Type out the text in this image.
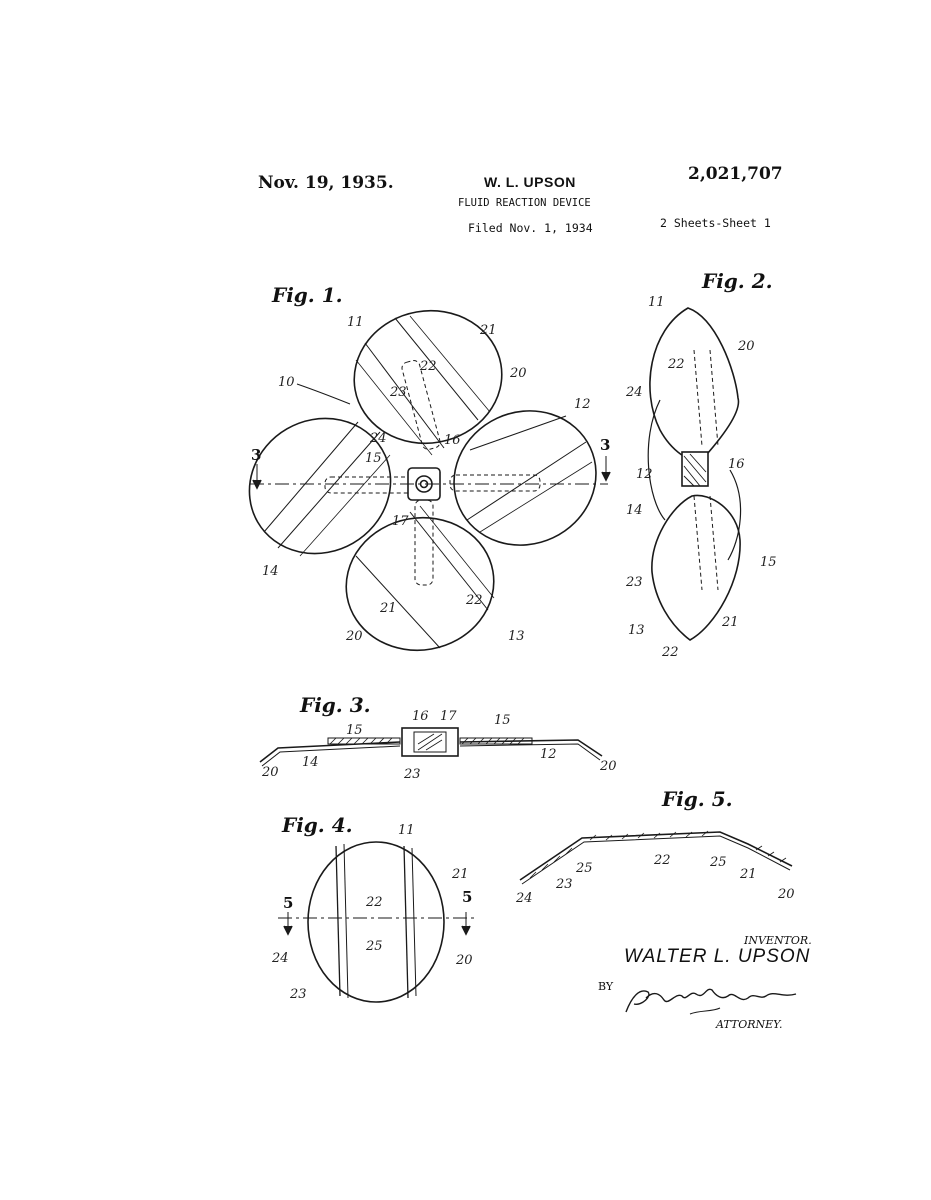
Nov. 19, 1935.	W. L. UPSON	2,021,707
FLUID REACTION DEVICE
Filed Nov. 1, 1934	2 Sheets-Sheet 1
Fig. 1.
3
3
11
21
22	20
10
23
12
24	16
15
17
14
22
21
20	13
Fig. 2.
11
20
22
24
16
12
14
15
23
21
13
22
Fig. 3.	16 17
15
15
14
12
23
20	20
Fig. 4.
5	5
11
21
22
25
24	20
23
Fig. 5.
25
22	25
21
23
24	20
INVENTOR.
WALTER L. UPSON
BY
ATTORNEY.
